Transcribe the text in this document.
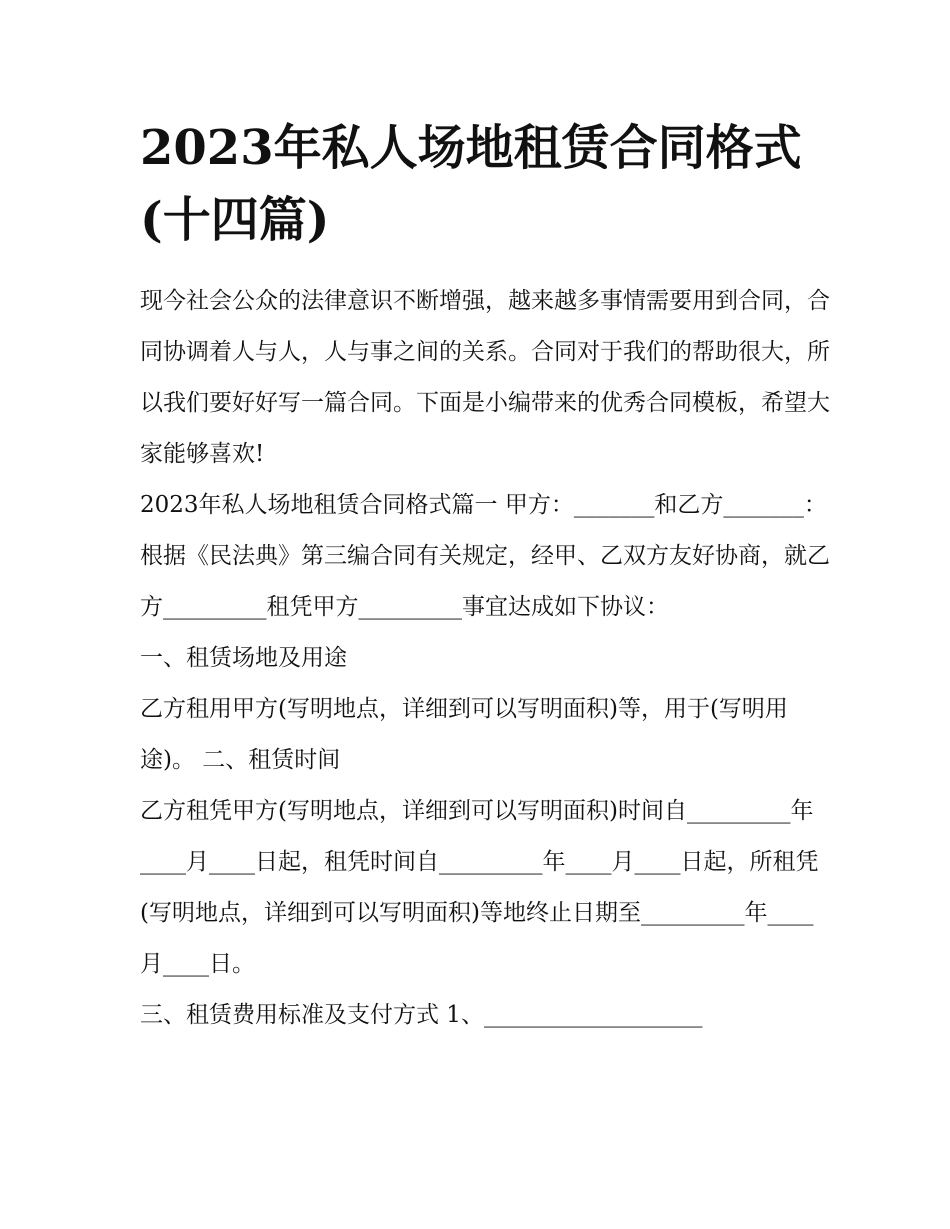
2023年私人场地租赁合同格式
(十四篇)

现今社会公众的法律意识不断增强，越来越多事情需要用到合同，合同协调着人与人，人与事之间的关系。合同对于我们的帮助很大，所以我们要好好写一篇合同。下面是小编带来的优秀合同模板，希望大家能够喜欢!

2023年私人场地租赁合同格式篇一 甲方：_______和乙方_______：

根据《民法典》第三编合同有关规定，经甲、乙双方友好协商，就乙方_________租凭甲方_________事宜达成如下协议：

一、租赁场地及用途

乙方租用甲方(写明地点，详细到可以写明面积)等，用于(写明用途)。 二、租赁时间

乙方租凭甲方(写明地点，详细到可以写明面积)时间自_________年____月____日起，租凭时间自_________年____月____日起，所租凭(写明地点，详细到可以写明面积)等地终止日期至_________年____月____日。

三、租赁费用标准及支付方式 1、___________________
